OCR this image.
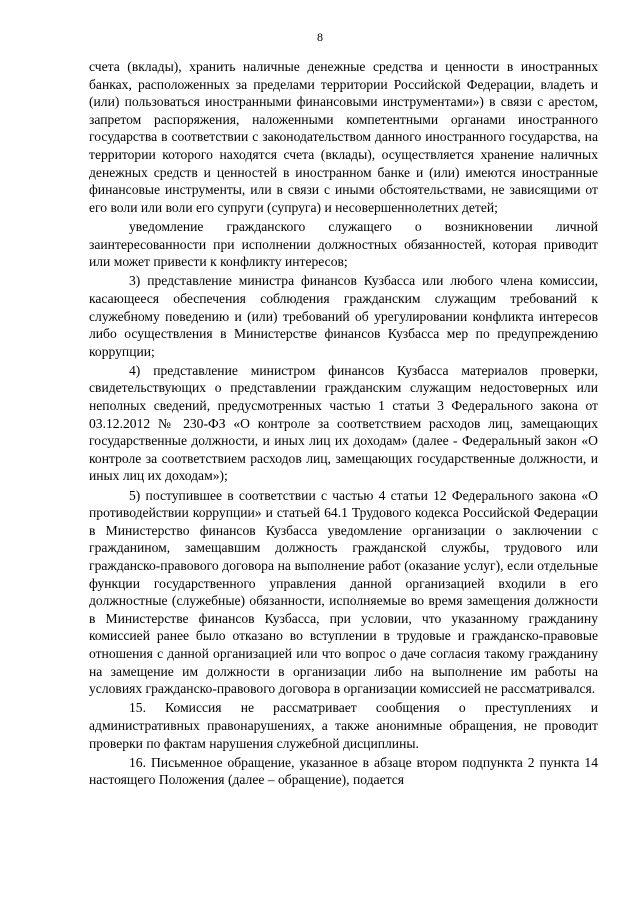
8

счета (вклады), хранить наличные денежные средства и ценности в иностранных банках, расположенных за пределами территории Российской Федерации, владеть и (или) пользоваться иностранными финансовыми инструментами») в связи с арестом, запретом распоряжения, наложенными компетентными органами иностранного государства в соответствии с законодательством данного иностранного государства, на территории которого находятся счета (вклады), осуществляется хранение наличных денежных средств и ценностей в иностранном банке и (или) имеются иностранные финансовые инструменты, или в связи с иными обстоятельствами, не зависящими от его воли или воли его супруги (супруга) и несовершеннолетних детей;

уведомление гражданского служащего о возникновении личной заинтересованности при исполнении должностных обязанностей, которая приводит или может привести к конфликту интересов;

3) представление министра финансов Кузбасса или любого члена комиссии, касающееся обеспечения соблюдения гражданским служащим требований к служебному поведению и (или) требований об урегулировании конфликта интересов либо осуществления в Министерстве финансов Кузбасса мер по предупреждению коррупции;

4) представление министром финансов Кузбасса материалов проверки, свидетельствующих о представлении гражданским служащим недостоверных или неполных сведений, предусмотренных частью 1 статьи 3 Федерального закона от 03.12.2012 № 230-ФЗ «О контроле за соответствием расходов лиц, замещающих государственные должности, и иных лиц их доходам» (далее - Федеральный закон «О контроле за соответствием расходов лиц, замещающих государственные должности, и иных лиц их доходам»);

5) поступившее в соответствии с частью 4 статьи 12 Федерального закона «О противодействии коррупции» и статьей 64.1 Трудового кодекса Российской Федерации в Министерство финансов Кузбасса уведомление организации о заключении с гражданином, замещавшим должность гражданской службы, трудового или гражданско-правового договора на выполнение работ (оказание услуг), если отдельные функции государственного управления данной организацией входили в его должностные (служебные) обязанности, исполняемые во время замещения должности в Министерстве финансов Кузбасса, при условии, что указанному гражданину комиссией ранее было отказано во вступлении в трудовые и гражданско-правовые отношения с данной организацией или что вопрос о даче согласия такому гражданину на замещение им должности в организации либо на выполнение им работы на условиях гражданско-правового договора в организации комиссией не рассматривался.

15. Комиссия не рассматривает сообщения о преступлениях и административных правонарушениях, а также анонимные обращения, не проводит проверки по фактам нарушения служебной дисциплины.

16. Письменное обращение, указанное в абзаце втором подпункта 2 пункта 14 настоящего Положения (далее – обращение), подается
